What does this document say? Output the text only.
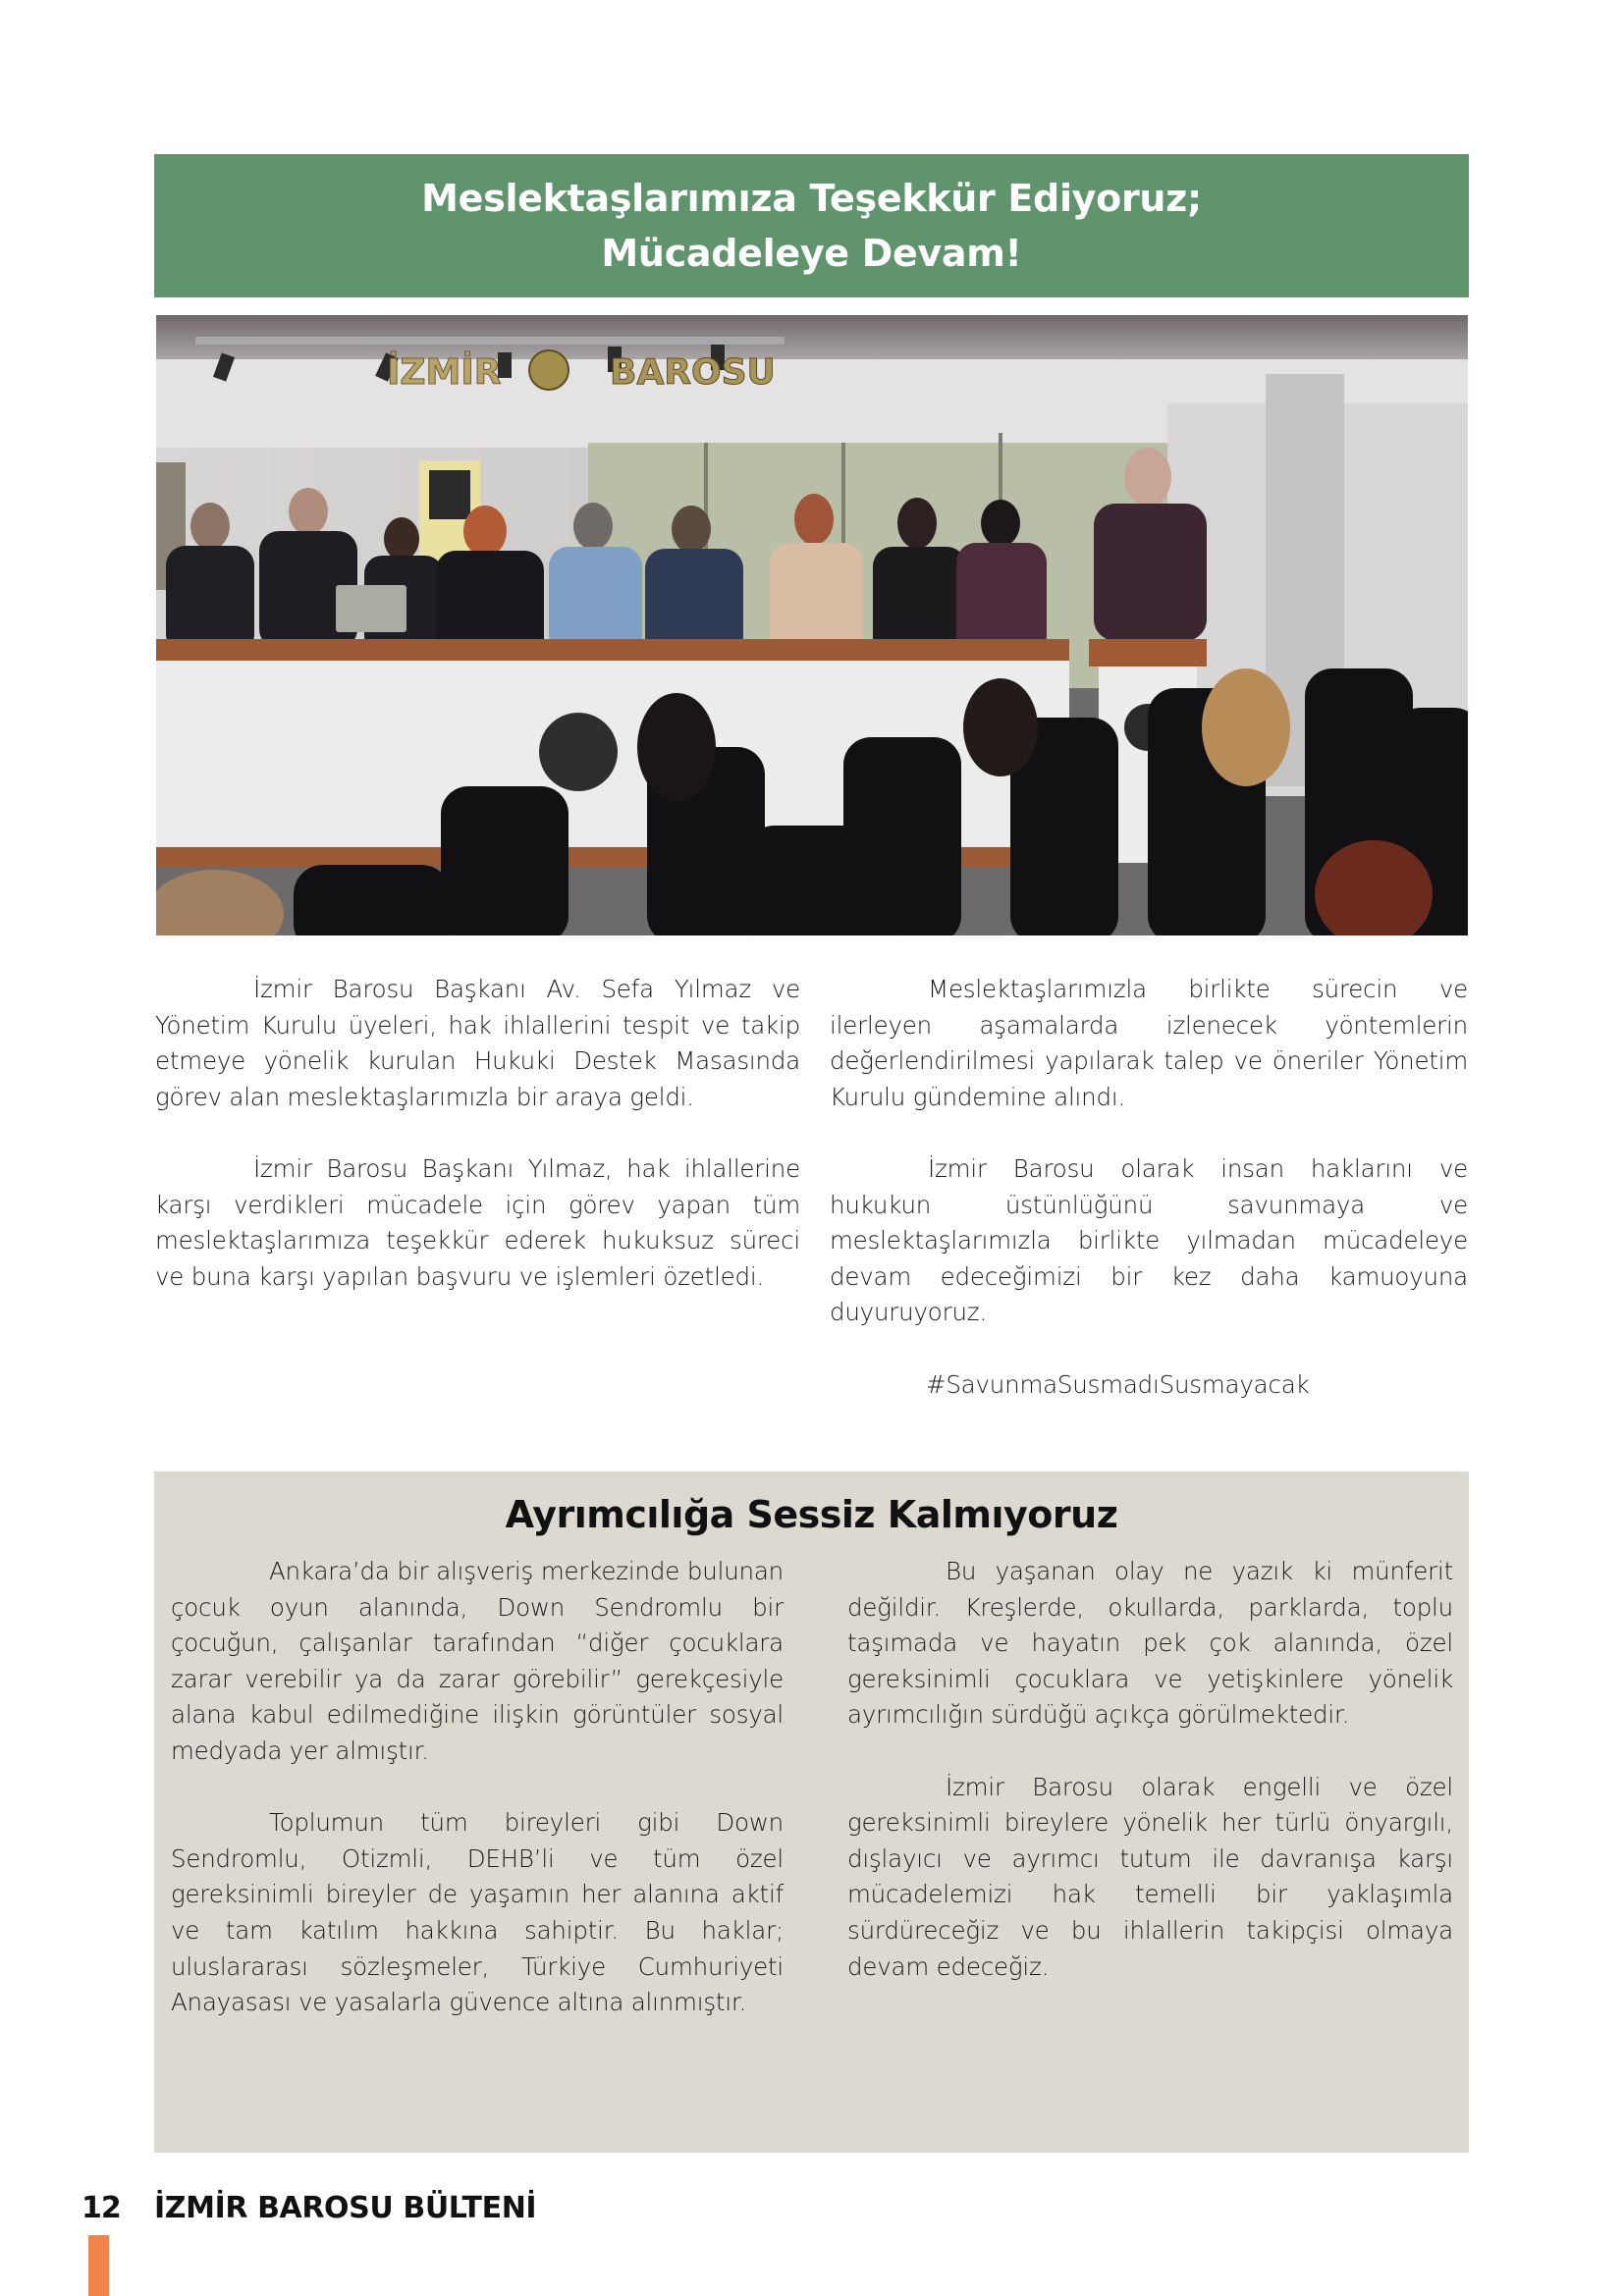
Meslektaşlarımıza Teşekkür Ediyoruz;
Mücadeleye Devam!
İZMİR	BAROSU

İzmir Barosu Başkanı Av. Sefa Yılmaz ve Yönetim Kurulu üyeleri, hak ihlallerini tespit ve takip etmeye yönelik kurulan Hukuki Destek Masasında görev alan meslektaşlarımızla bir araya geldi.

İzmir Barosu Başkanı Yılmaz, hak ihlallerine karşı verdikleri mücadele için görev yapan tüm meslektaşlarımıza teşekkür ederek hukuksuz süreci ve buna karşı yapılan başvuru ve işlemleri özetledi.

Meslektaşlarımızla birlikte sürecin ve ilerleyen aşamalarda izlenecek yöntemlerin değerlendirilmesi yapılarak talep ve öneriler Yönetim Kurulu gündemine alındı.

İzmir Barosu olarak insan haklarını ve hukukun üstünlüğünü savunmaya ve meslektaşlarımızla birlikte yılmadan mücadeleye devam edeceğimizi bir kez daha kamuoyuna duyuruyoruz.

#SavunmaSusmadıSusmayacak

Ayrımcılığa Sessiz Kalmıyoruz

Ankara’da bir alışveriş merkezinde bulunan çocuk oyun alanında, Down Sendromlu bir çocuğun, çalışanlar tarafından “diğer çocuklara zarar verebilir ya da zarar görebilir” gerekçesiyle alana kabul edilmediğine ilişkin görüntüler sosyal medyada yer almıştır.

Toplumun tüm bireyleri gibi Down Sendromlu, Otizmli, DEHB’li ve tüm özel gereksinimli bireyler de yaşamın her alanına aktif ve tam katılım hakkına sahiptir. Bu haklar; uluslararası sözleşmeler, Türkiye Cumhuriyeti Anayasası ve yasalarla güvence altına alınmıştır.

Bu yaşanan olay ne yazık ki münferit değildir. Kreşlerde, okullarda, parklarda, toplu taşımada ve hayatın pek çok alanında, özel gereksinimli çocuklara ve yetişkinlere yönelik ayrımcılığın sürdüğü açıkça görülmektedir.

İzmir Barosu olarak engelli ve özel gereksinimli bireylere yönelik her türlü önyargılı, dışlayıcı ve ayrımcı tutum ile davranışa karşı mücadelemizi hak temelli bir yaklaşımla sürdüreceğiz ve bu ihlallerin takipçisi olmaya devam edeceğiz.

12 İZMİR BAROSU BÜLTENİ
